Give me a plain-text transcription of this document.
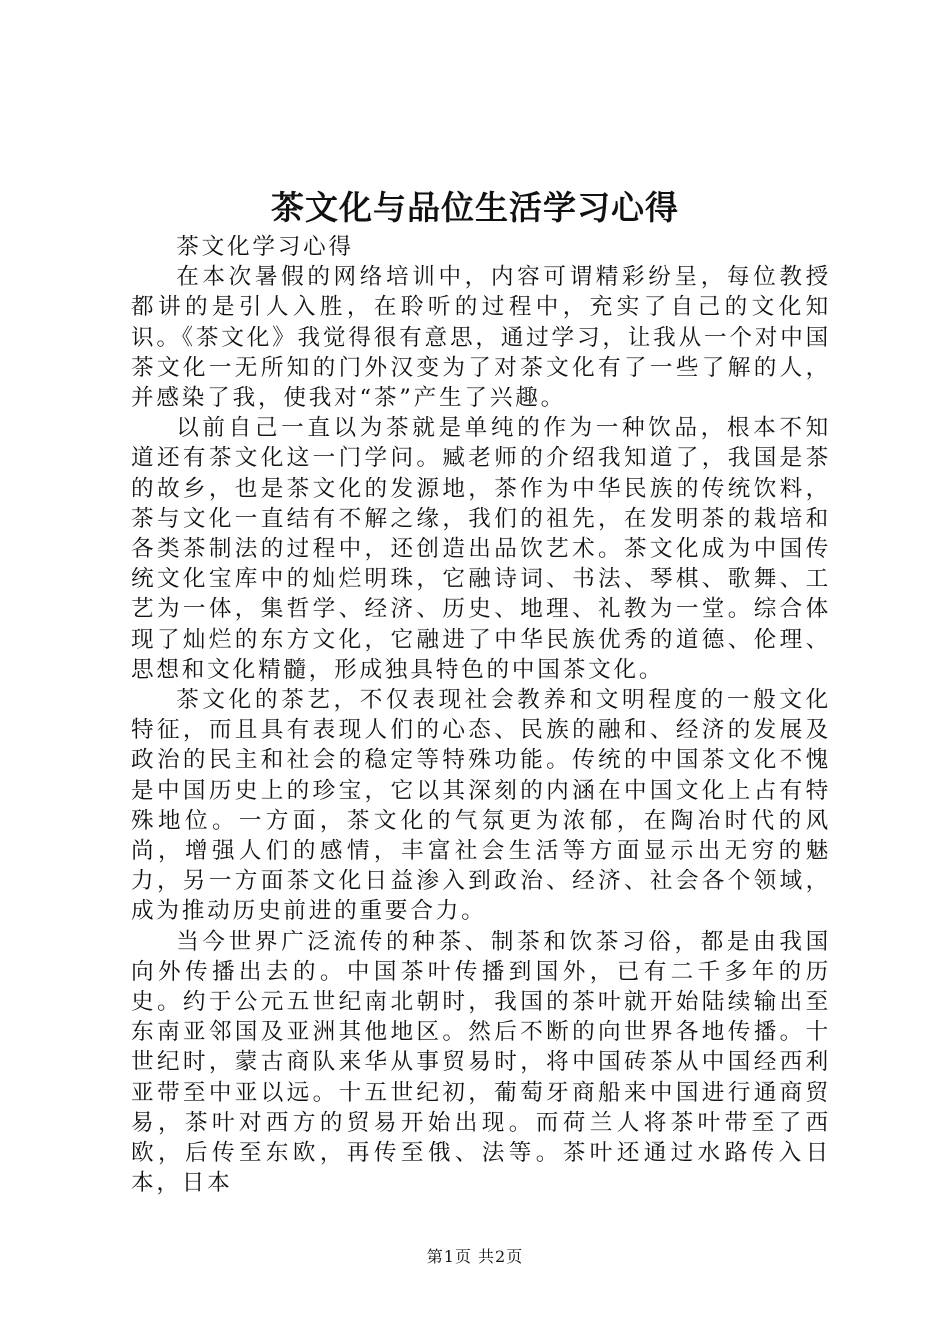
茶文化与品位生活学习心得

茶文化学习心得

在本次暑假的网络培训中，内容可谓精彩纷呈，每位教授都讲的是引人入胜，在聆听的过程中，充实了自己的文化知识。《茶文化》我觉得很有意思，通过学习，让我从一个对中国茶文化一无所知的门外汉变为了对茶文化有了一些了解的人，并感染了我，使我对“茶”产生了兴趣。

以前自己一直以为茶就是单纯的作为一种饮品，根本不知道还有茶文化这一门学问。臧老师的介绍我知道了，我国是茶的故乡，也是茶文化的发源地，茶作为中华民族的传统饮料，茶与文化一直结有不解之缘，我们的祖先，在发明茶的栽培和各类茶制法的过程中，还创造出品饮艺术。茶文化成为中国传统文化宝库中的灿烂明珠，它融诗词、书法、琴棋、歌舞、工艺为一体，集哲学、经济、历史、地理、礼教为一堂。综合体现了灿烂的东方文化，它融进了中华民族优秀的道德、伦理、思想和文化精髓，形成独具特色的中国茶文化。

茶文化的茶艺，不仅表现社会教养和文明程度的一般文化特征，而且具有表现人们的心态、民族的融和、经济的发展及政治的民主和社会的稳定等特殊功能。传统的中国茶文化不愧是中国历史上的珍宝，它以其深刻的内涵在中国文化上占有特殊地位。一方面，茶文化的气氛更为浓郁，在陶冶时代的风尚，增强人们的感情，丰富社会生活等方面显示出无穷的魅力，另一方面茶文化日益渗入到政治、经济、社会各个领域，成为推动历史前进的重要合力。

当今世界广泛流传的种茶、制茶和饮茶习俗，都是由我国向外传播出去的。中国茶叶传播到国外，已有二千多年的历史。约于公元五世纪南北朝时，我国的茶叶就开始陆续输出至东南亚邻国及亚洲其他地区。然后不断的向世界各地传播。十世纪时，蒙古商队来华从事贸易时，将中国砖茶从中国经西利亚带至中亚以远。十五世纪初，葡萄牙商船来中国进行通商贸易，茶叶对西方的贸易开始出现。而荷兰人将茶叶带至了西欧，后传至东欧，再传至俄、法等。茶叶还通过水路传入日本，日本

第1页 共2页
